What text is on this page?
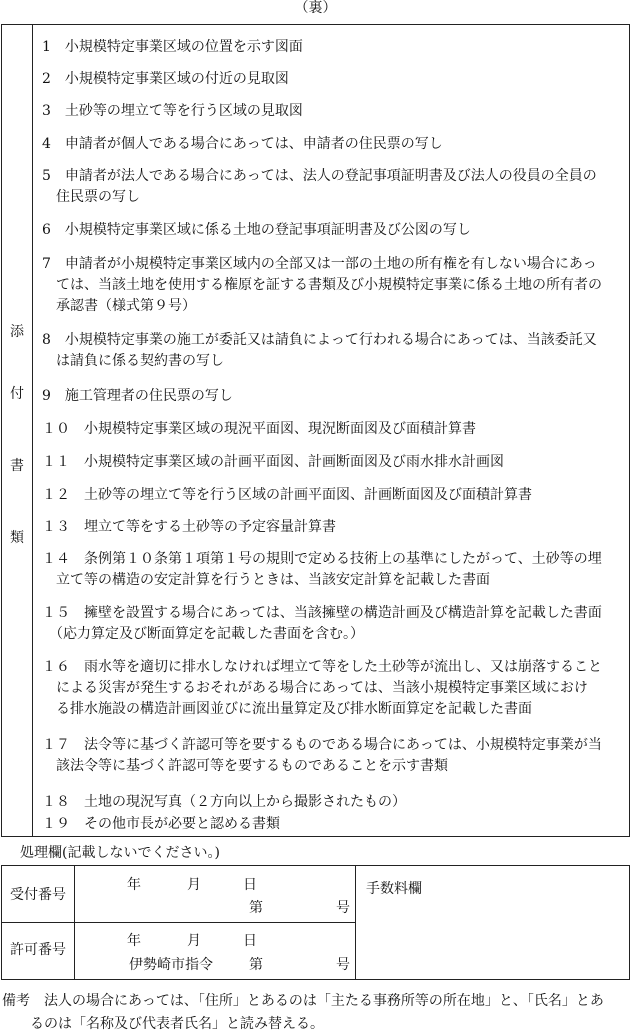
（裏）
添
付
書
類
1　小規模特定事業区域の位置を示す図面
2　小規模特定事業区域の付近の見取図
3　土砂等の埋立て等を行う区域の見取図
4　申請者が個人である場合にあっては、申請者の住民票の写し
5　申請者が法人である場合にあっては、法人の登記事項証明書及び法人の役員の全員の
　住民票の写し
6　小規模特定事業区域に係る土地の登記事項証明書及び公図の写し
7　申請者が小規模特定事業区域内の全部又は一部の土地の所有権を有しない場合にあっ
　ては、当該土地を使用する権原を証する書類及び小規模特定事業に係る土地の所有者の
　承認書（様式第９号）
8　小規模特定事業の施工が委託又は請負によって行われる場合にあっては、当該委託又
　は請負に係る契約書の写し
9　施工管理者の住民票の写し
１０　小規模特定事業区域の現況平面図、現況断面図及び面積計算書
１１　小規模特定事業区域の計画平面図、計画断面図及び雨水排水計画図
１２　土砂等の埋立て等を行う区域の計画平面図、計画断面図及び面積計算書
１３　埋立て等をする土砂等の予定容量計算書
１４　条例第１０条第１項第１号の規則で定める技術上の基準にしたがって、土砂等の埋
　立て等の構造の安定計算を行うときは、当該安定計算を記載した書面
１５　擁壁を設置する場合にあっては、当該擁壁の構造計画及び構造計算を記載した書面
　（応力算定及び断面算定を記載した書面を含む。）
１６　雨水等を適切に排水しなければ埋立て等をした土砂等が流出し、又は崩落すること
　による災害が発生するおそれがある場合にあっては、当該小規模特定事業区域におけ
　る排水施設の構造計画図並びに流出量算定及び排水断面算定を記載した書面
１７　法令等に基づく許認可等を要するものである場合にあっては、小規模特定事業が当
　該法令等に基づく許認可等を要するものであることを示す書類
１８　土地の現況写真（２方向以上から撮影されたもの）
１９　その他市長が必要と認める書類
処理欄(記載しないでください。)
受付番号
年	月	日
第	号
許可番号
年	月	日
伊勢崎市指令	第	号
手数料欄
備考　法人の場合にあっては、「住所」とあるのは「主たる事務所等の所在地」と、「氏名」とあ
　　るのは「名称及び代表者氏名」と読み替える。
